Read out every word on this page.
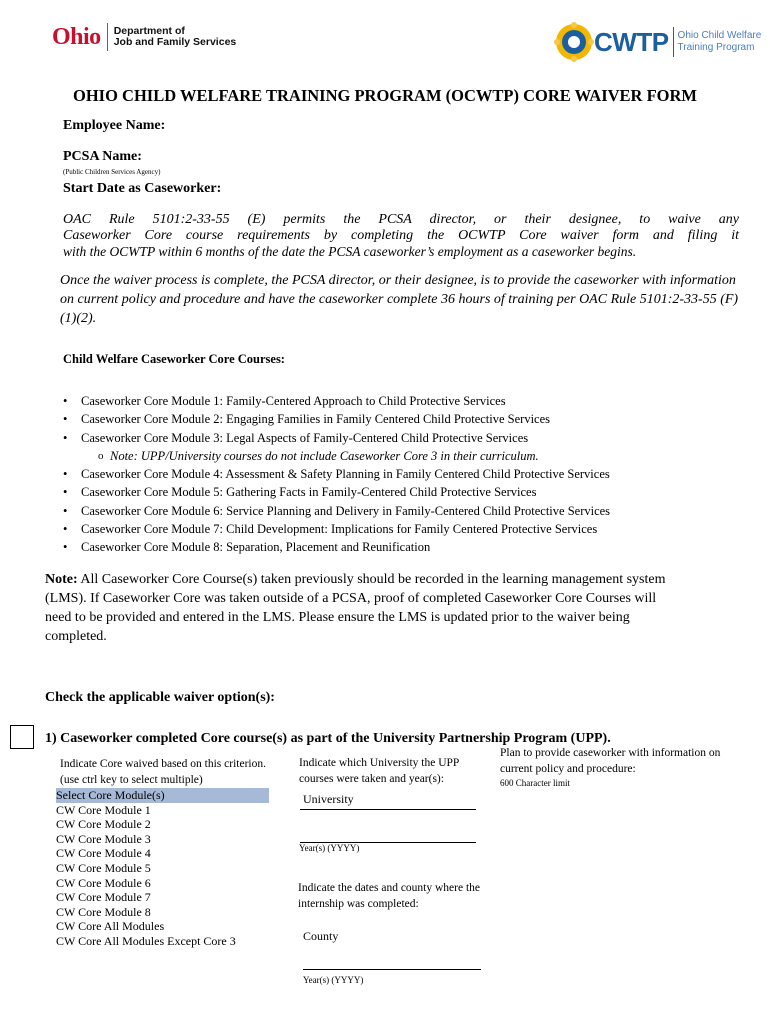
Ohio Department of
Job and Family Services	CWTP Ohio Child Welfare
Training Program
OHIO CHILD WELFARE TRAINING PROGRAM (OCWTP) CORE WAIVER FORM
Employee Name:
PCSA Name:
(Public Children Services Agency)
Start Date as Caseworker:
OAC Rule 5101:2-33-55 (E) permits the PCSA director, or their designee, to waive any
Caseworker Core course requirements by completing the OCWTP Core waiver form and filing it
with the OCWTP within 6 months of the date the PCSA caseworker’s employment as a caseworker begins.
Once the waiver process is complete, the PCSA director, or their designee, is to provide the caseworker with information on current policy and procedure and have the caseworker complete 36 hours of training per OAC Rule 5101:2-33-55 (F)(1)(2).
Child Welfare Caseworker Core Courses:
• Caseworker Core Module 1: Family-Centered Approach to Child Protective Services
• Caseworker Core Module 2: Engaging Families in Family Centered Child Protective Services
• Caseworker Core Module 3: Legal Aspects of Family-Centered Child Protective Services
o Note: UPP/University courses do not include Caseworker Core 3 in their curriculum.
• Caseworker Core Module 4: Assessment & Safety Planning in Family Centered Child Protective Services
• Caseworker Core Module 5: Gathering Facts in Family-Centered Child Protective Services
• Caseworker Core Module 6: Service Planning and Delivery in Family-Centered Child Protective Services
• Caseworker Core Module 7: Child Development: Implications for Family Centered Protective Services
• Caseworker Core Module 8: Separation, Placement and Reunification
Note: All Caseworker Core Course(s) taken previously should be recorded in the learning management system (LMS). If Caseworker Core was taken outside of a PCSA, proof of completed Caseworker Core Courses will need to be provided and entered in the LMS. Please ensure the LMS is updated prior to the waiver being completed.
Check the applicable waiver option(s):
1) Caseworker completed Core course(s) as part of the University Partnership Program (UPP).
Indicate Core waived based on this criterion. (use ctrl key to select multiple)
Select Core Module(s)
CW Core Module 1
CW Core Module 2
CW Core Module 3
CW Core Module 4
CW Core Module 5
CW Core Module 6
CW Core Module 7
CW Core Module 8
CW Core All Modules
CW Core All Modules Except Core 3
Indicate which University the UPP courses were taken and year(s):
University
Year(s) (YYYY)
Indicate the dates and county where the internship was completed:
County
Year(s) (YYYY)
Plan to provide caseworker with information on current policy and procedure:
600 Character limit
